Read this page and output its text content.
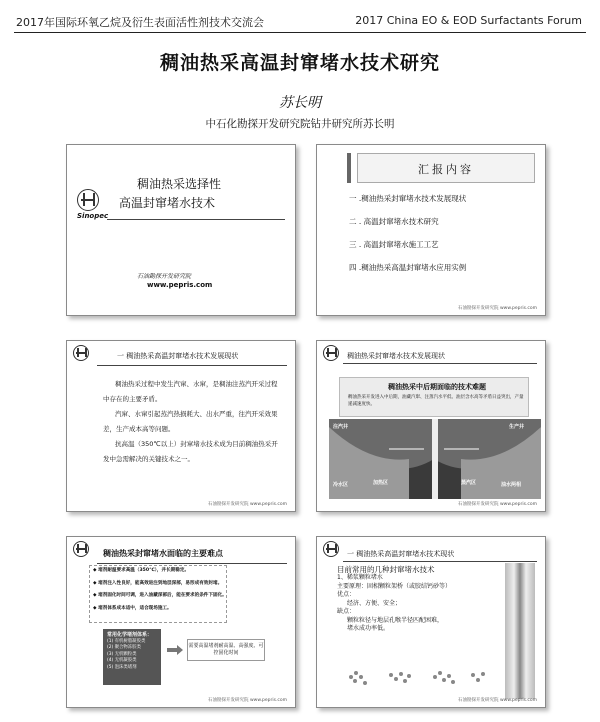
2017年国际环氧乙烷及衍生表面活性剂技术交流会	2017 China EO & EOD Surfactants Forum
稠油热采高温封窜堵水技术研究
苏长明
中石化勘探开发研究院钻井研究所苏长明
Sinopec
稠油热采选择性
高温封窜堵水技术
石油勘探开发研究院
www.pepris.com
汇报内容
一 .稠油热采封窜堵水技术发展现状
二 . 高温封窜堵水技术研究
三 . 高温封窜堵水施工工艺
四 .稠油热采高温封窜堵水应用实例
石油勘探开发研究院 www.pepris.com
一 稠油热采高温封窜堵水技术发展现状

稠油热采过程中发生汽窜、水窜，是稠油注蒸汽开采过程中存在的主要矛盾。

汽窜、水窜引起蒸汽热损耗大、出水严重，往汽开采效果差，生产成本高等问题。

抗高温（350℃以上）封窜堵水技术成为目前稠油热采开发中急需解决的关键技术之一。

石油勘探开发研究院 www.pepris.com
稠油热采封窜堵水技术发展现状
稠油热采中后期面临的技术难题
稠油热采开发进入中后期，油藏汽窜、注蒸汽水平低、油层含水高等矛盾日益突出，产量递减速度快。
冷水区	加热区	蒸汽区	油水两相
注汽井	生产井
石油勘探开发研究院 www.pepris.com
稠油热采封窜堵水面临的主要难点
◆ 堵剂耐温要求高温（350℃），并长期稳定。
◆ 堵剂注入性良好，能高效进注到地层深部，易形成有效封堵。
◆ 堵剂固化时间可调，进入油藏深部后，能在要求的条件下固化。
◆ 堵剂体系成本适中，适合现场施工。
常用化学堵剂体系：
(1) 有机树脂凝胶类
(2) 聚合物冻胶类
(3) 无机颗粒类
(4) 无机凝胶类
(5) 泡沫类堵剂
需要高温堵剂耐高温、高强度、可控固化时间
石油勘探开发研究院 www.pepris.com
一 稠油热采高温封窜堵水技术现状
目前常用的几种封窜堵水技术
1、稀浆颗粒堵水
主要原理：固相颗粒架桥（或胶结钙砂等）
优点：
经济、方便、安全；
缺点：
颗粒粒径与地层孔喉半径匹配困难，
堵水成功率低。
石油勘探开发研究院 www.pepris.com
